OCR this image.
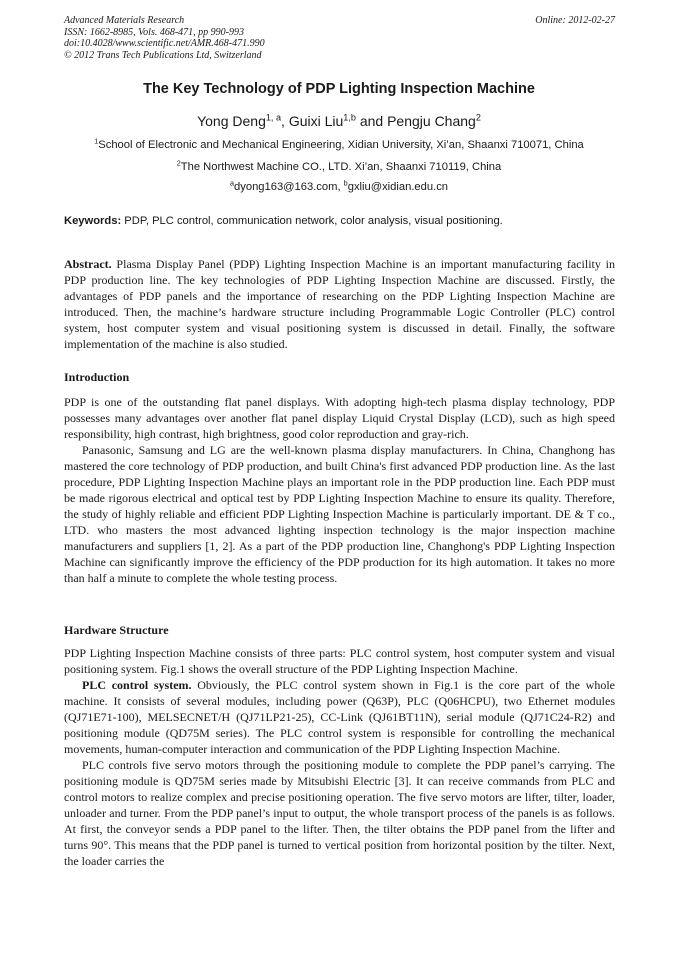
Advanced Materials Research
ISSN: 1662-8985, Vols. 468-471, pp 990-993
doi:10.4028/www.scientific.net/AMR.468-471.990
© 2012 Trans Tech Publications Ltd, Switzerland
Online: 2012-02-27
The Key Technology of PDP Lighting Inspection Machine
Yong Deng$^{1, a}$, Guixi Liu$^{1,b}$ and Pengju Chang$^2$
$^1$School of Electronic and Mechanical Engineering, Xidian University, Xi’an, Shaanxi 710071, China
$^2$The Northwest Machine CO., LTD. Xi’an, Shaanxi 710119, China
$^a$dyong163@163.com, $^b$gxliu@xidian.edu.cn
Keywords: PDP, PLC control, communication network, color analysis, visual positioning.

Abstract. Plasma Display Panel (PDP) Lighting Inspection Machine is an important manufacturing facility in PDP production line. The key technologies of PDP Lighting Inspection Machine are discussed. Firstly, the advantages of PDP panels and the importance of researching on the PDP Lighting Inspection Machine are introduced. Then, the machine’s hardware structure including Programmable Logic Controller (PLC) control system, host computer system and visual positioning system is discussed in detail. Finally, the software implementation of the machine is also studied.

Introduction

PDP is one of the outstanding flat panel displays. With adopting high-tech plasma display technology, PDP possesses many advantages over another flat panel display Liquid Crystal Display (LCD), such as high speed responsibility, high contrast, high brightness, good color reproduction and gray-rich.

Panasonic, Samsung and LG are the well-known plasma display manufacturers. In China, Changhong has mastered the core technology of PDP production, and built China's first advanced PDP production line. As the last procedure, PDP Lighting Inspection Machine plays an important role in the PDP production line. Each PDP must be made rigorous electrical and optical test by PDP Lighting Inspection Machine to ensure its quality. Therefore, the study of highly reliable and efficient PDP Lighting Inspection Machine is particularly important. DE & T co., LTD. who masters the most advanced lighting inspection technology is the major inspection machine manufacturers and suppliers [1, 2]. As a part of the PDP production line, Changhong's PDP Lighting Inspection Machine can significantly improve the efficiency of the PDP production for its high automation. It takes no more than half a minute to complete the whole testing process.

Hardware Structure

PDP Lighting Inspection Machine consists of three parts: PLC control system, host computer system and visual positioning system. Fig.1 shows the overall structure of the PDP Lighting Inspection Machine.

PLC control system. Obviously, the PLC control system shown in Fig.1 is the core part of the whole machine. It consists of several modules, including power (Q63P), PLC (Q06HCPU), two Ethernet modules (QJ71E71-100), MELSECNET/H (QJ71LP21-25), CC-Link (QJ61BT11N), serial module (QJ71C24-R2) and positioning module (QD75M series). The PLC control system is responsible for controlling the mechanical movements, human-computer interaction and communication of the PDP Lighting Inspection Machine.

PLC controls five servo motors through the positioning module to complete the PDP panel’s carrying. The positioning module is QD75M series made by Mitsubishi Electric [3]. It can receive commands from PLC and control motors to realize complex and precise positioning operation. The five servo motors are lifter, tilter, loader, unloader and turner. From the PDP panel’s input to output, the whole transport process of the panels is as follows. At first, the conveyor sends a PDP panel to the lifter. Then, the tilter obtains the PDP panel from the lifter and turns 90°. This means that the PDP panel is turned to vertical position from horizontal position by the tilter. Next, the loader carries the
